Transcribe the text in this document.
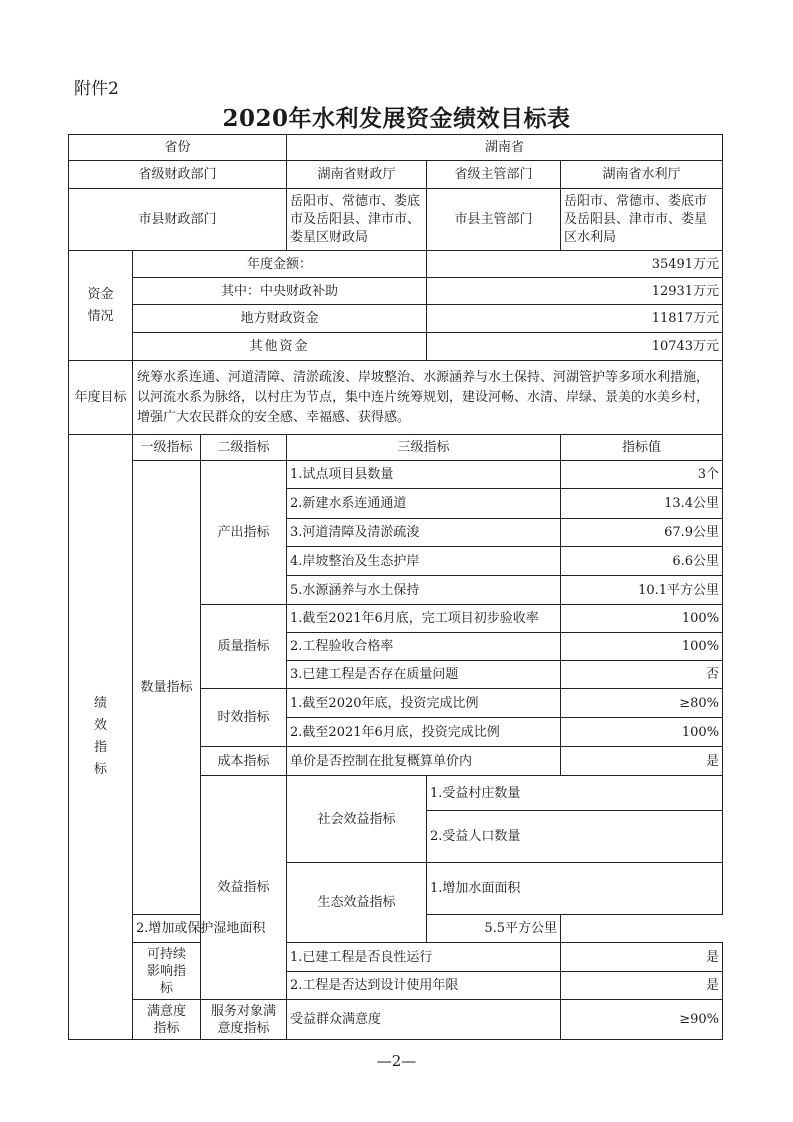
附件2
2020年水利发展资金绩效目标表
省份			湖南省			
省级财政部门			湖南省财政厅	省级主管部门	湖南省水利厅	
市县财政部门			岳阳市、常德市、娄底市及岳阳县、津市市、娄星区财政局	市县主管部门	岳阳市、常德市、娄底市及岳阳县、津市市、娄星区水利局	
资金情况	年度金额：			35491万元		
	其中：中央财政补助			12931万元		
	地方财政资金			11817万元		
	其他资金			10743万元		
年度目标	统筹水系连通、河道清障、清淤疏浚、岸坡整治、水源涵养与水土保持、河湖管护等多项水利措施，以河流水系为脉络，以村庄为节点，集中连片统筹规划，建设河畅、水清、岸绿、景美的水美乡村，增强广大农民群众的安全感、幸福感、获得感。					
绩效指标	一级指标	二级指标	三级指标		指标值	
	数量指标	产出指标	1.试点项目县数量		3个	
			2.新建水系连通通道		13.4公里	
			3.河道清障及清淤疏浚		67.9公里	
			4.岸坡整治及生态护岸		6.6公里	
			5.水源涵养与水土保持		10.1平方公里	
		质量指标	1.截至2021年6月底，完工项目初步验收率		100%	
			2.工程验收合格率		100%	
			3.已建工程是否存在质量问题		否	
		时效指标	1.截至2020年底，投资完成比例		≥80%	
			2.截至2021年6月底，投资完成比例		100%	
		成本指标	单价是否控制在批复概算单价内		是	
		效益指标	社会效益指标	1.受益村庄数量	
				2.受益人口数量	
			生态效益指标	1.增加水面面积	
	2.增加或保护湿地面积			5.5平方公里		
	可持续影响指标		1.已建工程是否良性运行		是	
			2.工程是否达到设计使用年限		是	
	满意度指标	服务对象满意度指标	受益群众满意度		≥90%	
—2—
